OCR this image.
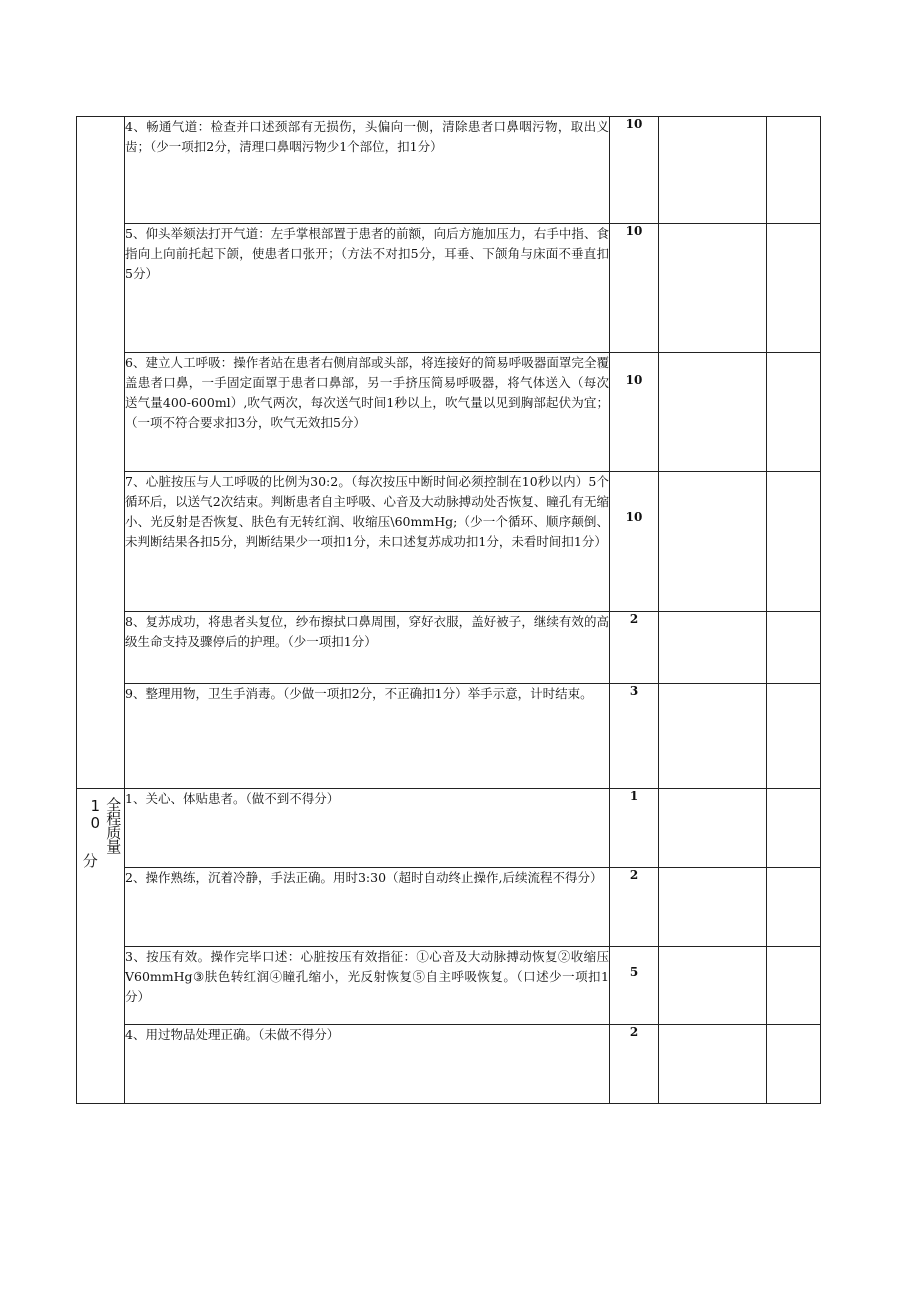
	4、畅通气道：检查并口述颈部有无损伤，头偏向一侧，清除患者口鼻咽污物，取出义齿；（少一项扣2分，清理口鼻咽污物少1个部位，扣1分）	10		
	5、仰头举颏法打开气道：左手掌根部置于患者的前额，向后方施加压力，右手中指、食指向上向前托起下颌，使患者口张开；（方法不对扣5分，耳垂、下颌角与床面不垂直扣5分）	10		
	6、建立人工呼吸：操作者站在患者右侧肩部或头部，将连接好的简易呼吸器面罩完全覆盖患者口鼻，一手固定面罩于患者口鼻部，另一手挤压简易呼吸器，将气体送入（每次送气量400-600ml）,吹气两次，每次送气时间1秒以上，吹气量以见到胸部起伏为宜；（一项不符合要求扣3分，吹气无效扣5分）	10		
	7、心脏按压与人工呼吸的比例为30:2。（每次按压中断时间必须控制在10秒以内）5个循环后，以送气2次结束。判断患者自主呼吸、心音及大动脉搏动处否恢复、瞳孔有无缩小、光反射是否恢复、肤色有无转红润、收缩压\60mmHg;（少一个循环、顺序颠倒、未判断结果各扣5分，判断结果少一项扣1分，未口述复苏成功扣1分，未看时间扣1分）	10		
	8、复苏成功，将患者头复位，纱布擦拭口鼻周围，穿好衣服，盖好被子，继续有效的高级生命支持及骤停后的护理。（少一项扣1分）	2		
	9、整理用物，卫生手消毒。（少做一项扣2分，不正确扣1分）举手示意，计时结束。	3		

分
全程质量10	1、关心、体贴患者。（做不到不得分）	1		
	2、操作熟练，沉着冷静，手法正确。用时3:30（超时自动终止操作,后续流程不得分）	2		
	3、按压有效。操作完毕口述：心脏按压有效指征：①心音及大动脉搏动恢复②收缩压V60mmHg③肤色转红润④瞳孔缩小，光反射恢复⑤自主呼吸恢复。（口述少一项扣1分）	5		
	4、用过物品处理正确。（未做不得分）	2		
